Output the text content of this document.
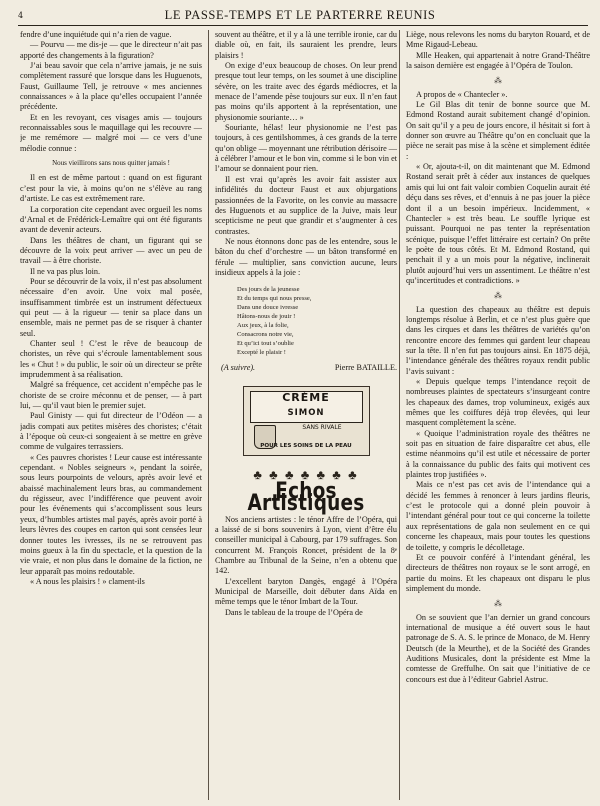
4	LE PASSE-TEMPS ET LE PARTERRE REUNIS

fendre d’une inquiétude qui n’a rien de vague.

— Pourvu — me dis-je — que le directeur n’ait pas apporté des changements à la figuration?

J’ai beau savoir que cela n’arrive jamais, je ne suis complètement rassuré que lorsque dans les Huguenots, Faust, Guillaume Tell, je retrouve « mes anciennes connaissances » à la place qu’elles occupaient l’année précédente.

Et en les revoyant, ces visages amis — toujours reconnaissables sous le maquillage qui les recouvre — je me remémore — malgré moi — ce vers d’une mélodie connue :

Nous vieillirons sans nous quitter jamais !

Il en est de même partout : quand on est figurant c’est pour la vie, à moins qu’on ne s’élève au rang d’artiste. Le cas est extrêmement rare.

La corporation cite cependant avec orgueil les noms d’Arnal et de Frédérick-Lemaître qui ont été figurants avant de devenir acteurs.

Dans les théâtres de chant, un figurant qui se découvre de la voix peut arriver — avec un peu de travail — à être choriste.

Il ne va pas plus loin.

Pour se découvrir de la voix, il n’est pas absolument nécessaire d’en avoir. Une voix mal posée, insuffisamment timbrée est un instrument défectueux qui peut — à la rigueur — tenir sa place dans un ensemble, mais ne permet pas de se risquer à chanter seul.

Chanter seul ! C’est le rêve de beaucoup de choristes, un rêve qui s’écroule lamentablement sous les « Chut ! » du public, le soir où un directeur se prête imprudemment à sa réalisation.

Malgré sa fréquence, cet accident n’empêche pas le choriste de se croire méconnu et de penser, — à part lui, — qu’il vaut bien le premier sujet.

Paul Ginisty — qui fut directeur de l’Odéon — a jadis compati aux petites misères des choristes; c’était à l’époque où ceux-ci songeaient à se mettre en grève comme de vulgaires terrassiers.

« Ces pauvres choristes ! Leur cause est intéressante cependant. « Nobles seigneurs », pendant la soirée, sous leurs pourpoints de velours, après avoir levé et abaissé machinalement leurs bras, au commandement du régisseur, avec l’indifférence que peuvent avoir pour les événements qui s’accomplissent sous leurs yeux, d’humbles artistes mal payés, après avoir porté à leurs lèvres des coupes en carton qui sont censées leur donner toutes les ivresses, ils ne se retrouvent pas moins gueux à la fin du spectacle, et la question de la vie vraie, et non plus dans le domaine de la fiction, ne leur apparaît pas moins redoutable.

« A nous les plaisirs ! » clament-ils

souvent au théâtre, et il y a là une terrible ironie, car du diable où, en fait, ils sauraient les prendre, leurs plaisirs !

On exige d’eux beaucoup de choses. On leur prend presque tout leur temps, on les soumet à une discipline sévère, on les traite avec des égards médiocres, et la menace de l’amende pèse toujours sur eux. Il n’en faut pas moins qu’ils apportent à la représentation, une physionomie souriante… »

Souriante, hélas! leur physionomie ne l’est pas toujours, à ces gentilshommes, à ces grands de la terre qu’on oblige — moyennant une rétribution dérisoire — à célébrer l’amour et le bon vin, comme si le bon vin et l’amour se donnaient pour rien.

Il est vrai qu’après les avoir fait assister aux infidélités du docteur Faust et aux objurgations passionnées de la Favorite, on les convie au massacre des Huguenots et au supplice de la Juive, mais leur scepticisme ne peut que grandir et s’augmenter à ces contrastes.

Ne nous étonnons donc pas de les entendre, sous le bâton du chef d’orchestre — un bâton transformé en férule — multiplier, sans conviction aucune, leurs insidieux appels à la joie :

Des jours de la jeunesse
Et du temps qui nous presse,
Dans une douce ivresse
Hâtons-nous de jouir !
Aux jeux, à la folie,
Consacrons notre vie,
Et qu’ici tout s’oublie
Excepté le plaisir !
(A suivre).	Pierre BATAILLE.
CRÈME
SIMON
SANS RIVALE
POUR LES SOINS DE LA PEAU
♣ ♣ ♣ ♣ ♣ ♣ ♣
Echos Artistiques

Nos anciens artistes : le ténor Affre de l’Opéra, qui a laissé de si bons souvenirs à Lyon, vient d’être élu conseiller municipal à Cabourg, par 179 suffrages. Son concurrent M. François Roncet, président de la 8ᵉ Chambre au Tribunal de la Seine, n’en a obtenu que 142.

L’excellent baryton Dangès, engagé à l’Opéra Municipal de Marseille, doit débuter dans Aïda en même temps que le ténor Imbart de la Tour.

Dans le tableau de la troupe de l’Opéra de

Liège, nous relevons les noms du baryton Rouard, et de Mme Rigaud-Lebeau.

Mlle Heaken, qui appartenait à notre Grand-Théâtre la saison dernière est engagée à l’Opéra de Toulon.

⁂

A propos de « Chantecler ».

Le Gil Blas dit tenir de bonne source que M. Edmond Rostand aurait subitement changé d’opinion. On sait qu’il y a peu de jours encore, il hésitait si fort à donner son œuvre au Théâtre qu’on en concluait que la pièce ne serait pas mise à la scène et simplement éditée :

« Or, ajouta-t-il, on dit maintenant que M. Edmond Rostand serait prêt à céder aux instances de quelques amis qui lui ont fait valoir combien Coquelin aurait été déçu dans ses rêves, et d’ennuis à ne pas jouer la pièce dont il a un besoin impérieux. Incidemment, « Chantecler » est très beau. Le souffle lyrique est puissant. Pourquoi ne pas tenter la représentation scénique, puisque l’effet littéraire est certain? On prête le poète de tous côtés. Et M. Edmond Rostand, qui penchait il y a un mois pour la négative, inclinerait plutôt aujourd’hui vers un assentiment. Le théâtre n’est qu’incertitudes et contradictions. »

⁂

La question des chapeaux au théâtre est depuis longtemps résolue à Berlin, et ce n’est plus guère que dans les cirques et dans les théâtres de variétés qu’on rencontre encore des femmes qui gardent leur chapeau sur la tête. Il n’en fut pas toujours ainsi. En 1875 déjà, l’intendance générale des théâtres royaux rendit public l’avis suivant :

« Depuis quelque temps l’intendance reçoit de nombreuses plaintes de spectateurs s’insurgeant contre les chapeaux des dames, trop volumineux, exigés aux mêmes que les coiffures déjà trop élevées, qui leur masquent complètement la scène.

« Quoique l’administration royale des théâtres ne soit pas en situation de faire disparaître cet abus, elle estime néanmoins qu’il est utile et nécessaire de porter à la connaissance du public des faits qui motivent ces plaintes trop justifiées ».

Mais ce n’est pas cet avis de l’intendance qui a décidé les femmes à renoncer à leurs jardins fleuris, c’est le protocole qui a donné plein pouvoir à l’intendant général pour tout ce qui concerne la toilette aux représentations de gala non seulement en ce qui concerne les chapeaux, mais pour toutes les questions de toilette, y compris le décolletage.

Et ce pouvoir conféré à l’intendant général, les directeurs de théâtres non royaux se le sont arrogé, en partie du moins. Et les chapeaux ont disparu le plus simplement du monde.

⁂

On se souvient que l’an dernier un grand concours international de musique a été ouvert sous le haut patronage de S. A. S. le prince de Monaco, de M. Henry Deutsch (de la Meurthe), et de la Société des Grandes Auditions Musicales, dont la présidente est Mme la comtesse de Greffulhe. On sait que l’initiative de ce concours est due à l’éditeur Gabriel Astruc.
